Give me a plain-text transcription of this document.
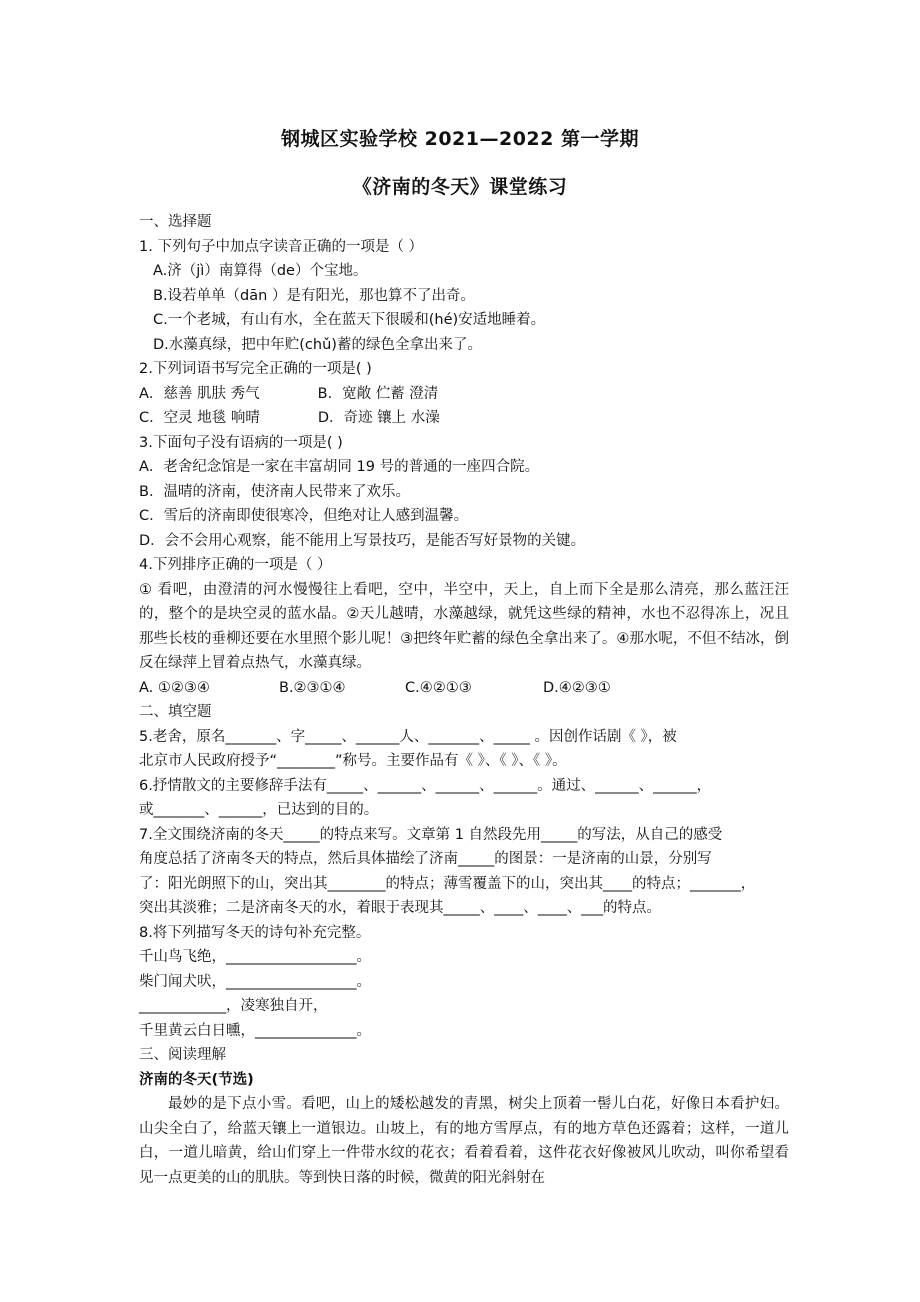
钢城区实验学校 2021—2022 第一学期
《济南的冬天》课堂练习
一、选择题
1. 下列句子中加点字读音正确的一项是（ ）
A.济（jì）南算得（de）个宝地。
B.设若单单（dān ）是有阳光，那也算不了出奇。
C.一个老城，有山有水，全在蓝天下很暖和(hé)安适地睡着。
D.水藻真绿，把中年贮(chǔ)蓄的绿色全拿出来了。
2.下列词语书写完全正确的一项是( )
A．慈善 肌肤 秀气	B．宽敞 伫蓄 澄清
C．空灵 地毯 响晴	D．奇迹 镶上 水澡
3.下面句子没有语病的一项是( )
A．老舍纪念馆是一家在丰富胡同 19 号的普通的一座四合院。
B．温晴的济南，使济南人民带来了欢乐。
C．雪后的济南即使很寒冷，但绝对让人感到温馨。
D．会不会用心观察，能不能用上写景技巧，是能否写好景物的关键。
4.下列排序正确的一项是（ ）
① 看吧，由澄清的河水慢慢往上看吧，空中，半空中，天上，自上而下全是那么清亮，那么蓝汪汪的，整个的是块空灵的蓝水晶。②天儿越晴，水藻越绿，就凭这些绿的精神，水也不忍得冻上，况且那些长枝的垂柳还要在水里照个影儿呢！③把终年贮蓄的绿色全拿出来了。④那水呢，不但不结冰，倒反在绿萍上冒着点热气，水藻真绿。
A. ①②③④	B.②③①④	C.④②①③	D.④②③①
二、填空题
5.老舍，原名_______、字_____、______人、_______、_____ 。因创作话剧《 》，被
北京市人民政府授予“________”称号。主要作品有《 》、《 》、《 》。
6.抒情散文的主要修辞手法有_____、______、______、______。通过、______、______，
或_______、______，已达到的目的。
7.全文围绕济南的冬天_____的特点来写。文章第 1 自然段先用_____的写法，从自己的感受
角度总括了济南冬天的特点，然后具体描绘了济南_____的图景：一是济南的山景，分别写
了：阳光朗照下的山，突出其________的特点；薄雪覆盖下的山，突出其____的特点；_______，
突出其淡雅；二是济南冬天的水，着眼于表现其_____、____、____、___的特点。
8.将下列描写冬天的诗句补充完整。
千山鸟飞绝，__________________。
柴门闻犬吠，__________________。
____________，凌寒独自开，
千里黄云白日曛，______________。
三、阅读理解
济南的冬天(节选)
最妙的是下点小雪。看吧，山上的矮松越发的青黑，树尖上顶着一髻儿白花，好像日本看护妇。山尖全白了，给蓝天镶上一道银边。山坡上，有的地方雪厚点，有的地方草色还露着；这样，一道儿白，一道儿暗黄，给山们穿上一件带水纹的花衣；看着看着，这件花衣好像被风儿吹动，叫你希望看见一点更美的山的肌肤。等到快日落的时候，微黄的阳光斜射在
